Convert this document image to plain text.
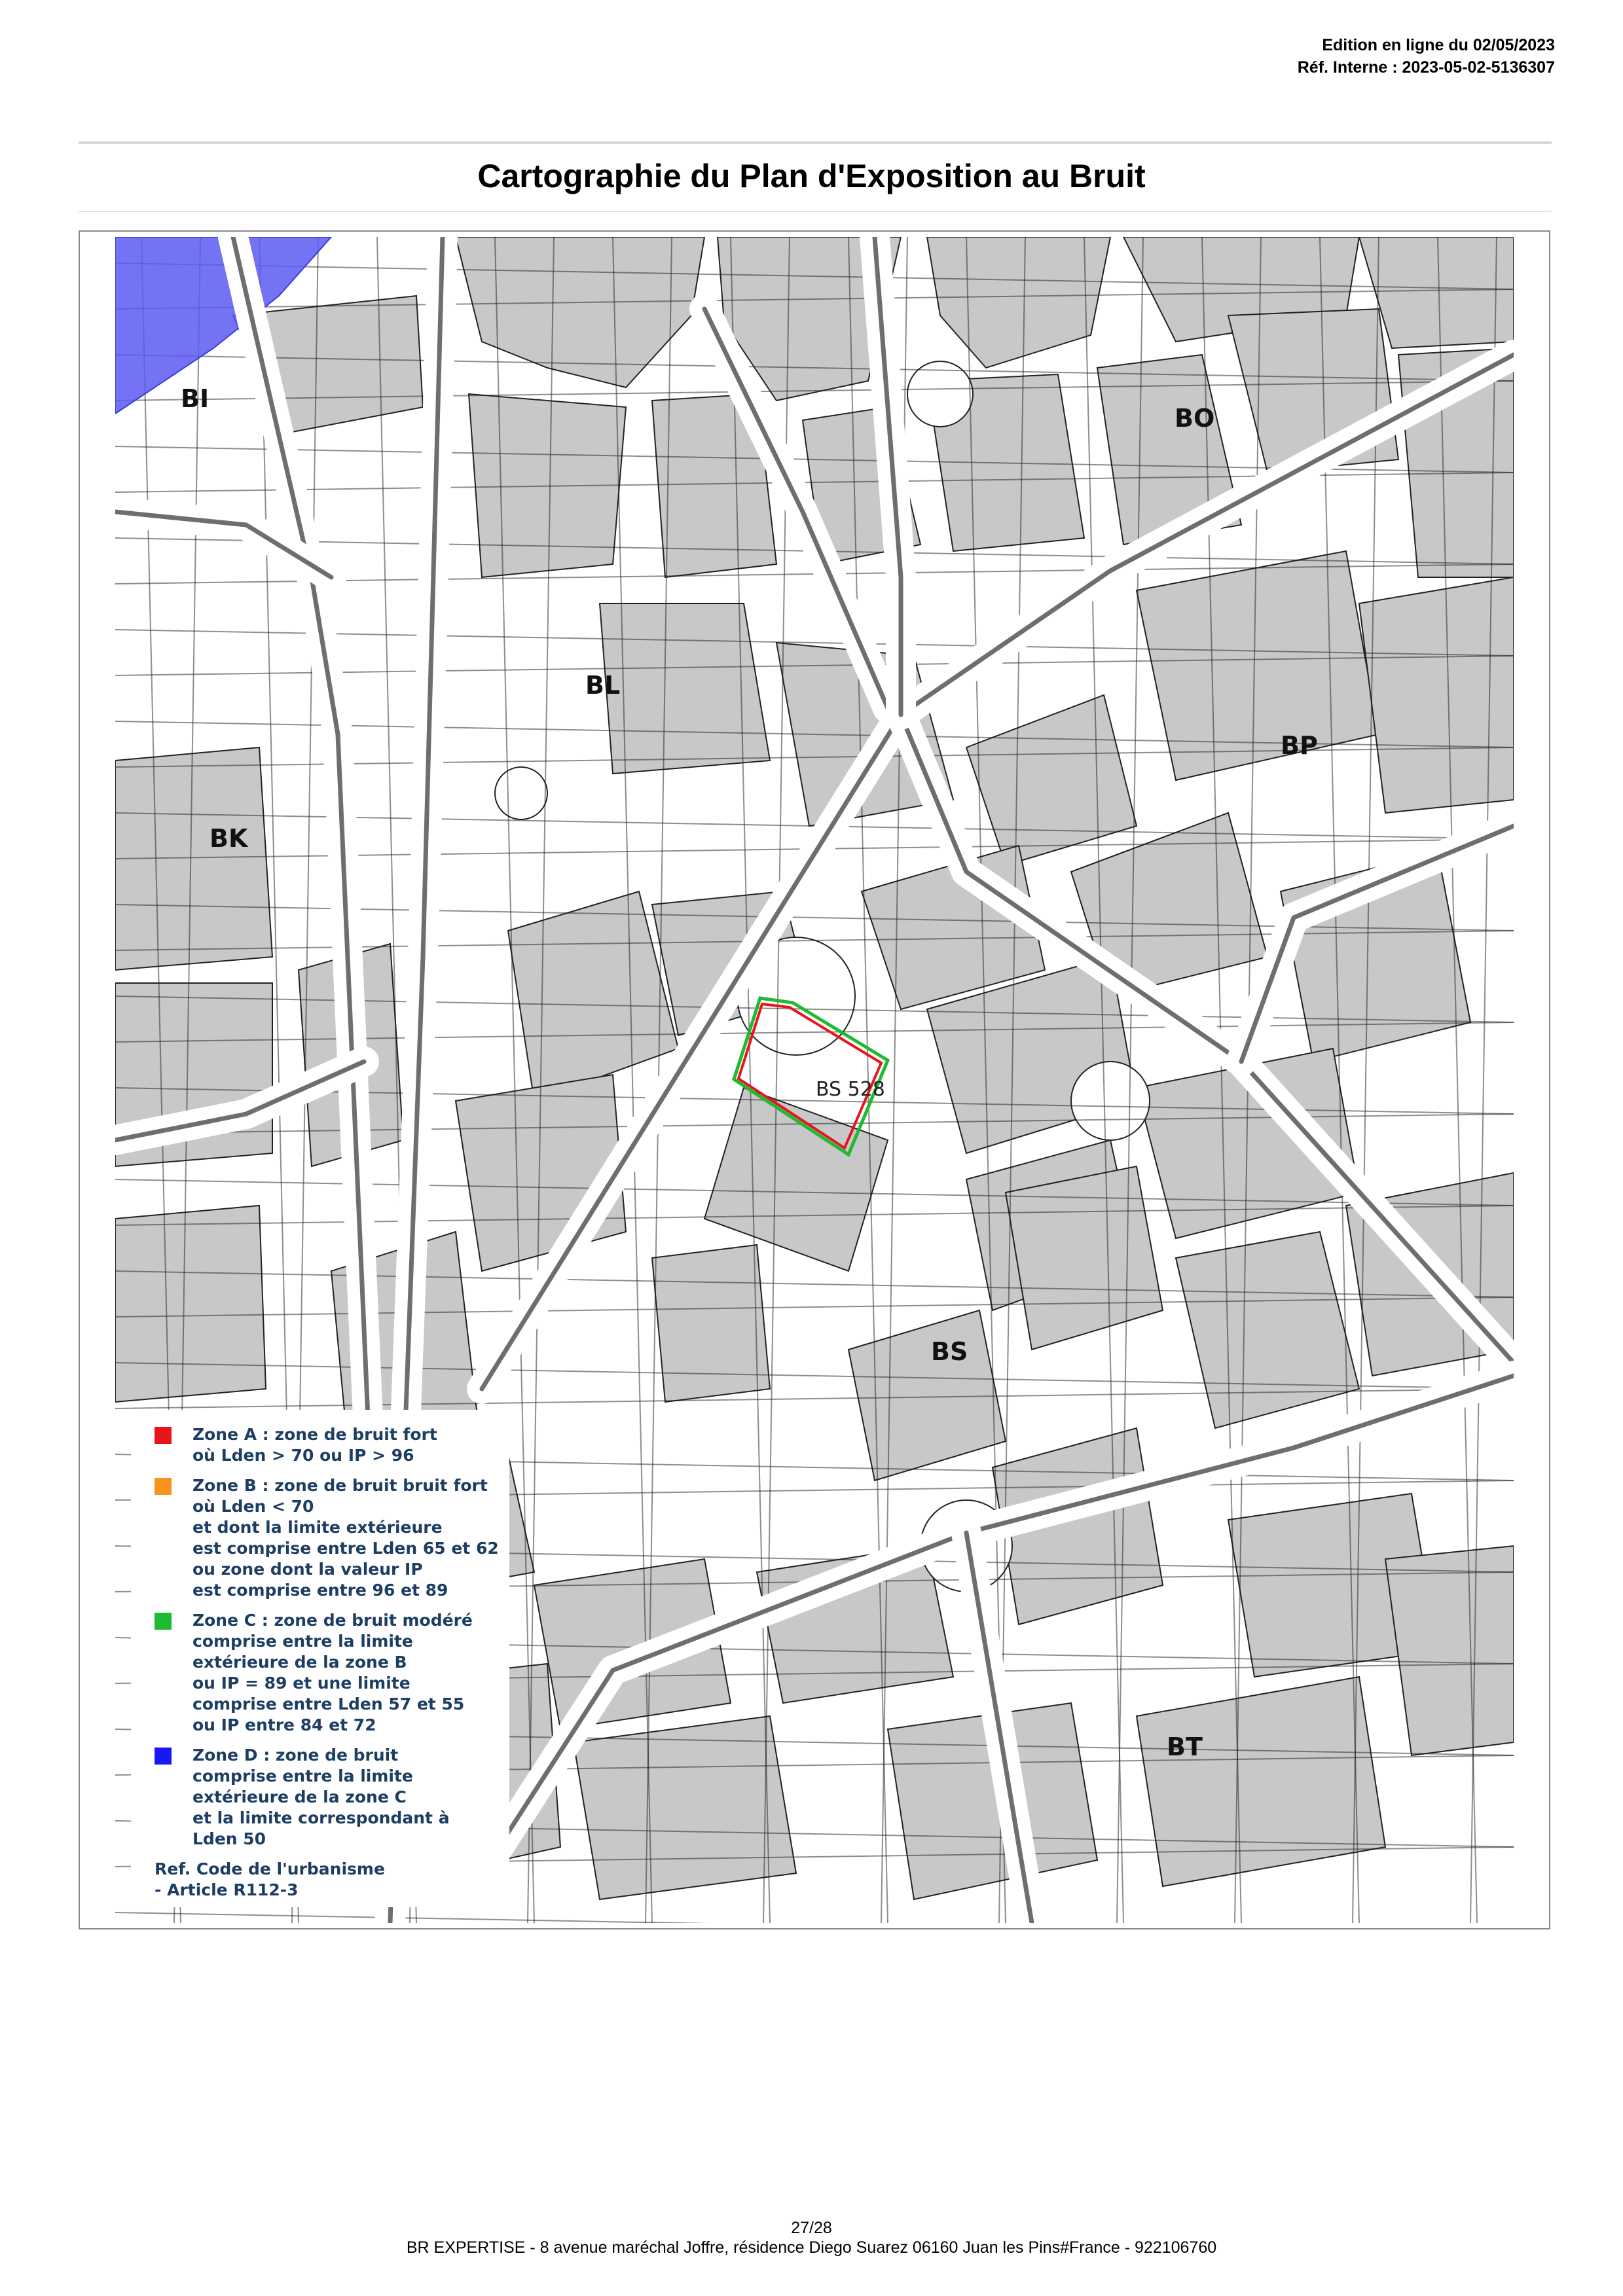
Edition en ligne du 02/05/2023
Réf. Interne : 2023-05-02-5136307
Cartographie du Plan d'Exposition au Bruit
BI
BO
BL
BP
BK
BS
BT
BS 528
Zone A : zone de bruit fort
où Lden > 70 ou IP > 96
Zone B : zone de bruit bruit fort
où Lden < 70
et dont la limite extérieure
est comprise entre Lden 65 et 62
ou zone dont la valeur IP
est comprise entre 96 et 89
Zone C : zone de bruit modéré
comprise entre la limite
extérieure de la zone B
ou IP = 89 et une limite
comprise entre Lden 57 et 55
ou IP entre 84 et 72
Zone D : zone de bruit
comprise entre la limite
extérieure de la zone C
et la limite correspondant à
Lden 50
Ref. Code de l'urbanisme
- Article R112-3
27/28
BR EXPERTISE - 8 avenue maréchal Joffre, résidence Diego Suarez 06160 Juan les Pins#France - 922106760
